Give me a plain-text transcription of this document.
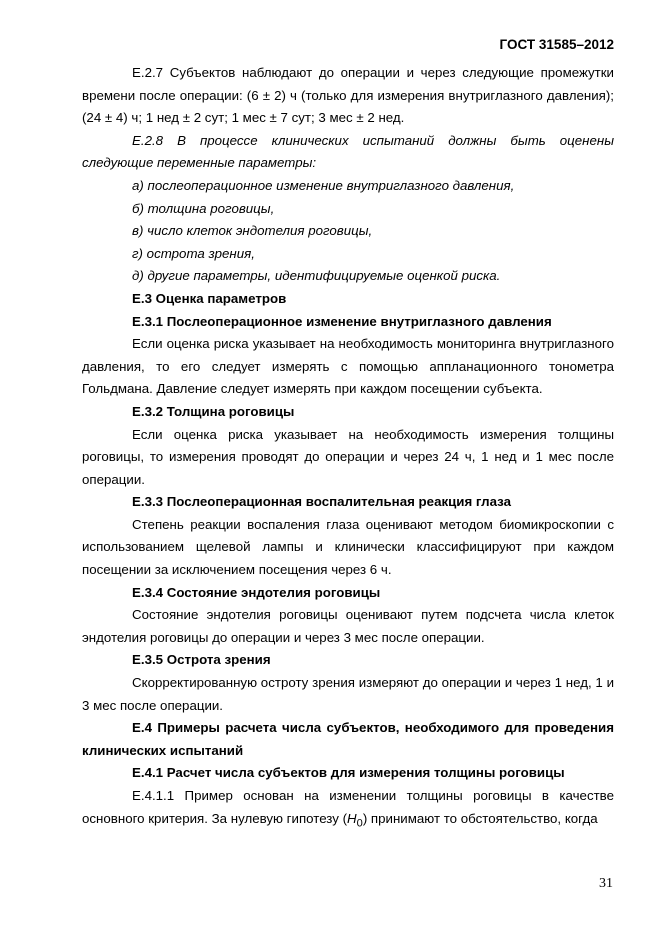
ГОСТ 31585–2012

Е.2.7 Субъектов наблюдают до операции и через следующие промежутки времени после операции: (6 ± 2) ч (только для измерения внутриглазного давления); (24 ± 4) ч; 1 нед ± 2 сут; 1 мес ± 7 сут; 3 мес ± 2 нед.

Е.2.8 В процессе клинических испытаний должны быть оценены следующие переменные параметры:

а) послеоперационное изменение внутриглазного давления,

б) толщина роговицы,

в) число клеток эндотелия роговицы,

г) острота зрения,

д) другие параметры, идентифицируемые оценкой риска.

Е.3 Оценка параметров

Е.3.1 Послеоперационное изменение внутриглазного давления

Если оценка риска указывает на необходимость мониторинга внутриглазного давления, то его следует измерять с помощью аппланационного тонометра Гольдмана. Давление следует измерять при каждом посещении субъекта.

Е.3.2 Толщина роговицы

Если оценка риска указывает на необходимость измерения толщины роговицы, то измерения проводят до операции и через 24 ч, 1 нед и 1 мес после операции.

Е.3.3 Послеоперационная воспалительная реакция глаза

Степень реакции воспаления глаза оценивают методом биомикроскопии с использованием щелевой лампы и клинически классифицируют при каждом посещении за исключением посещения через 6 ч.

Е.3.4 Состояние эндотелия роговицы

Состояние эндотелия роговицы оценивают путем подсчета числа клеток эндотелия роговицы до операции и через 3 мес после операции.

Е.3.5 Острота зрения

Скорректированную остроту зрения измеряют до операции и через 1 нед, 1 и 3 мес после операции.

Е.4 Примеры расчета числа субъектов, необходимого для проведения клинических испытаний

Е.4.1 Расчет числа субъектов для измерения толщины роговицы

Е.4.1.1 Пример основан на изменении толщины роговицы в качестве основного критерия. За нулевую гипотезу $(H_0)$ принимают то обстоятельство, когда

31
